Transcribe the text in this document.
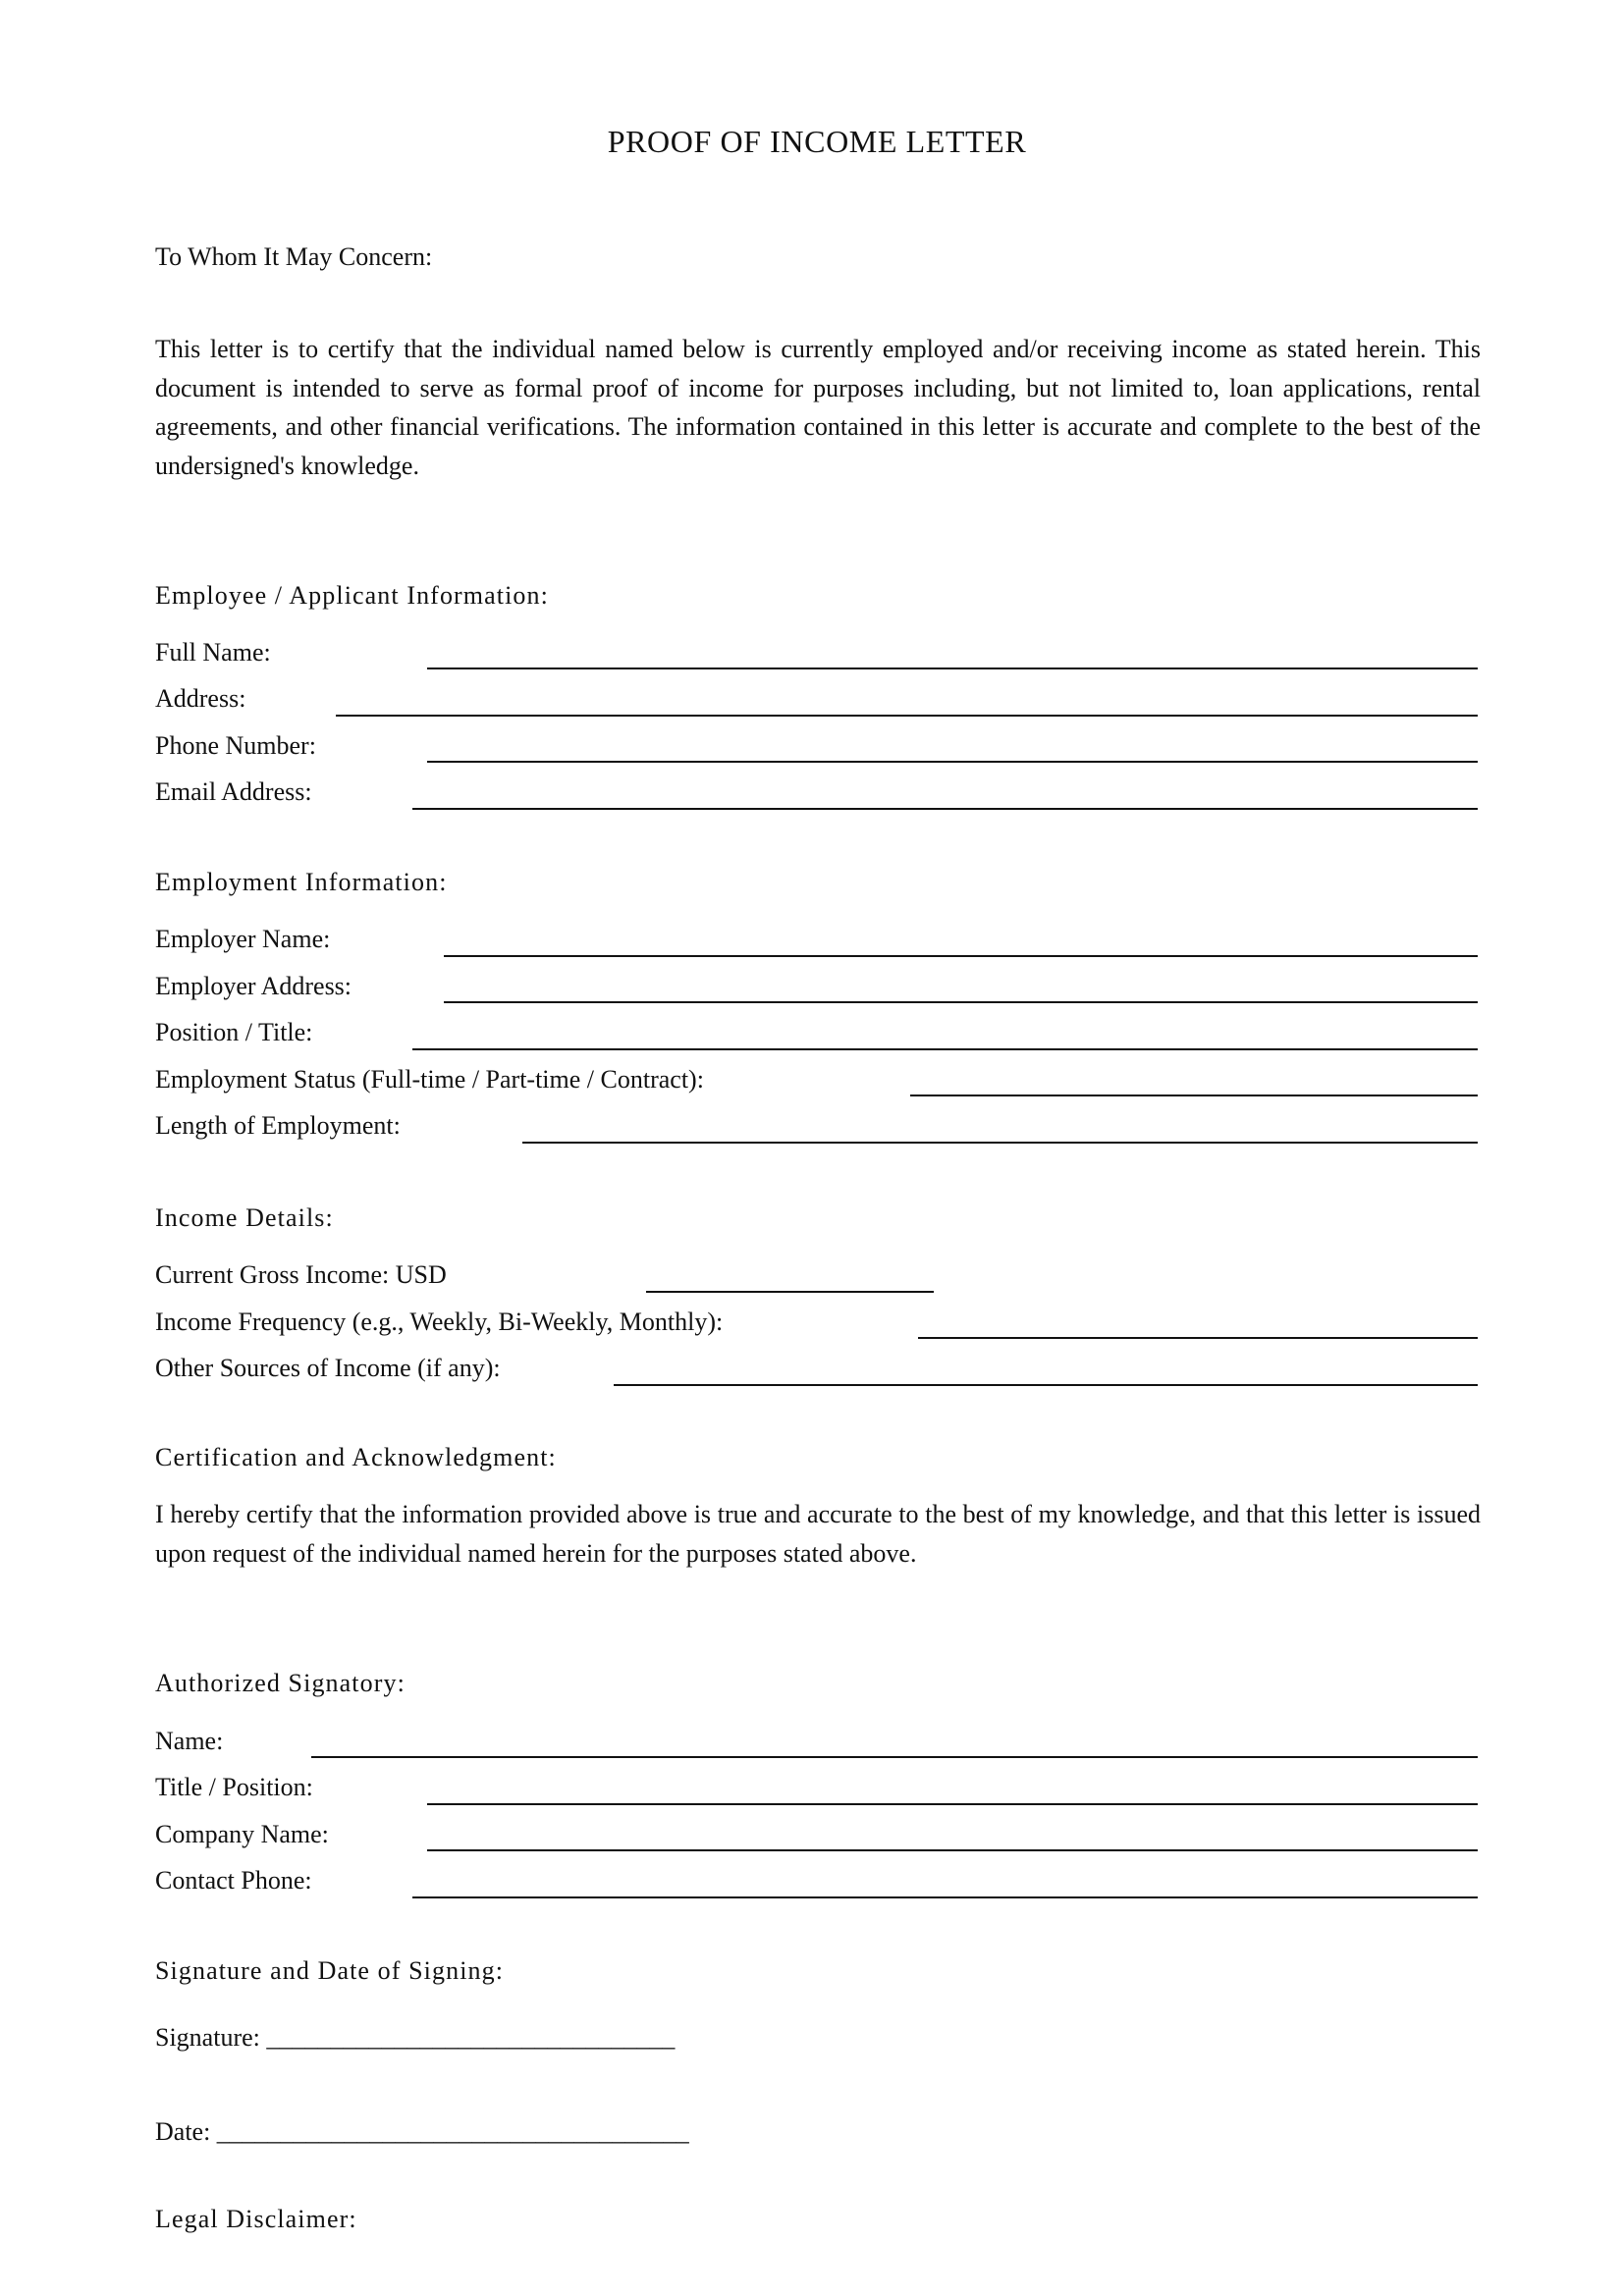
PROOF OF INCOME LETTER
To Whom It May Concern:
This letter is to certify that the individual named below is currently employed and/or receiving income as stated herein. This document is intended to serve as formal proof of income for purposes including, but not limited to, loan applications, rental agreements, and other financial verifications. The information contained in this letter is accurate and complete to the best of the undersigned's knowledge.
Employee / Applicant Information:
Full Name:
Address:
Phone Number:
Email Address:
Employment Information:
Employer Name:
Employer Address:
Position / Title:
Employment Status (Full-time / Part-time / Contract):
Length of Employment:
Income Details:
Current Gross Income: USD
Income Frequency (e.g., Weekly, Bi-Weekly, Monthly):
Other Sources of Income (if any):
Certification and Acknowledgment:
I hereby certify that the information provided above is true and accurate to the best of my knowledge, and that this letter is issued upon request of the individual named herein for the purposes stated above.
Authorized Signatory:
Name:
Title / Position:
Company Name:
Contact Phone:
Signature and Date of Signing:
Signature: ________________________________
Date: _____________________________________
Legal Disclaimer:
